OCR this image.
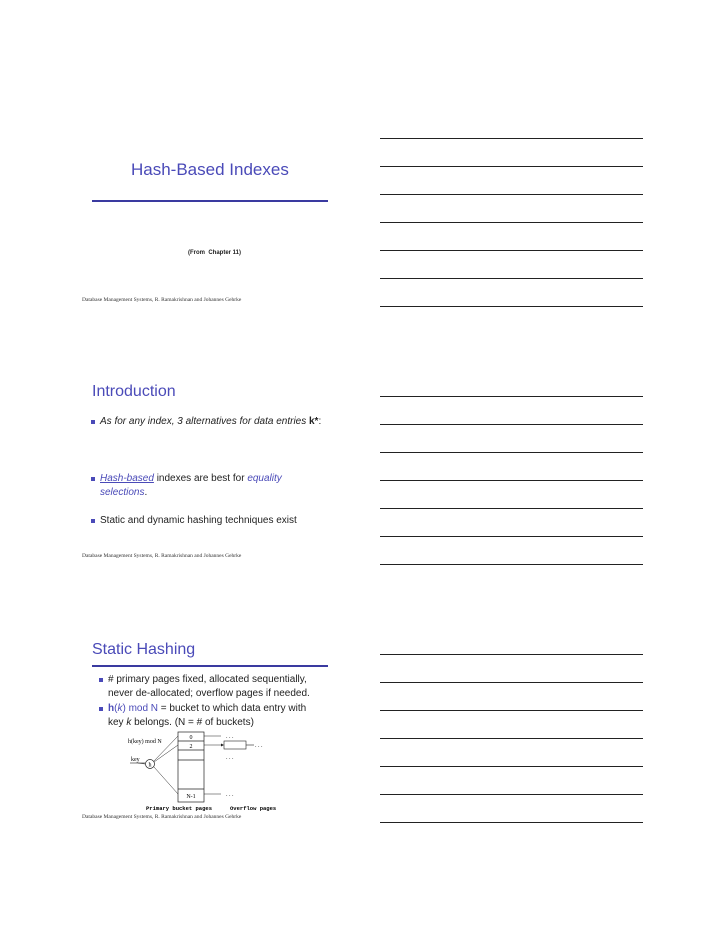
Hash-Based Indexes
(From  Chapter 11)
Database Management Systems, R. Ramakrishnan and Johannes Gehrke
Introduction
As for any index, 3 alternatives for data entries k*:
Hash-based indexes are best for equality
selections.
Static and dynamic hashing techniques exist
Database Management Systems, R. Ramakrishnan and Johannes Gehrke
Static Hashing
# primary pages fixed, allocated sequentially,
never de-allocated; overflow pages if needed.
h(k) mod N = bucket to which data entry with
key k belongs. (N = # of buckets)
0
2
N-1
h(key) mod N
key
h
. . .
. . .
. . .
. . .
Primary bucket pages	Overflow pages
Database Management Systems, R. Ramakrishnan and Johannes Gehrke
